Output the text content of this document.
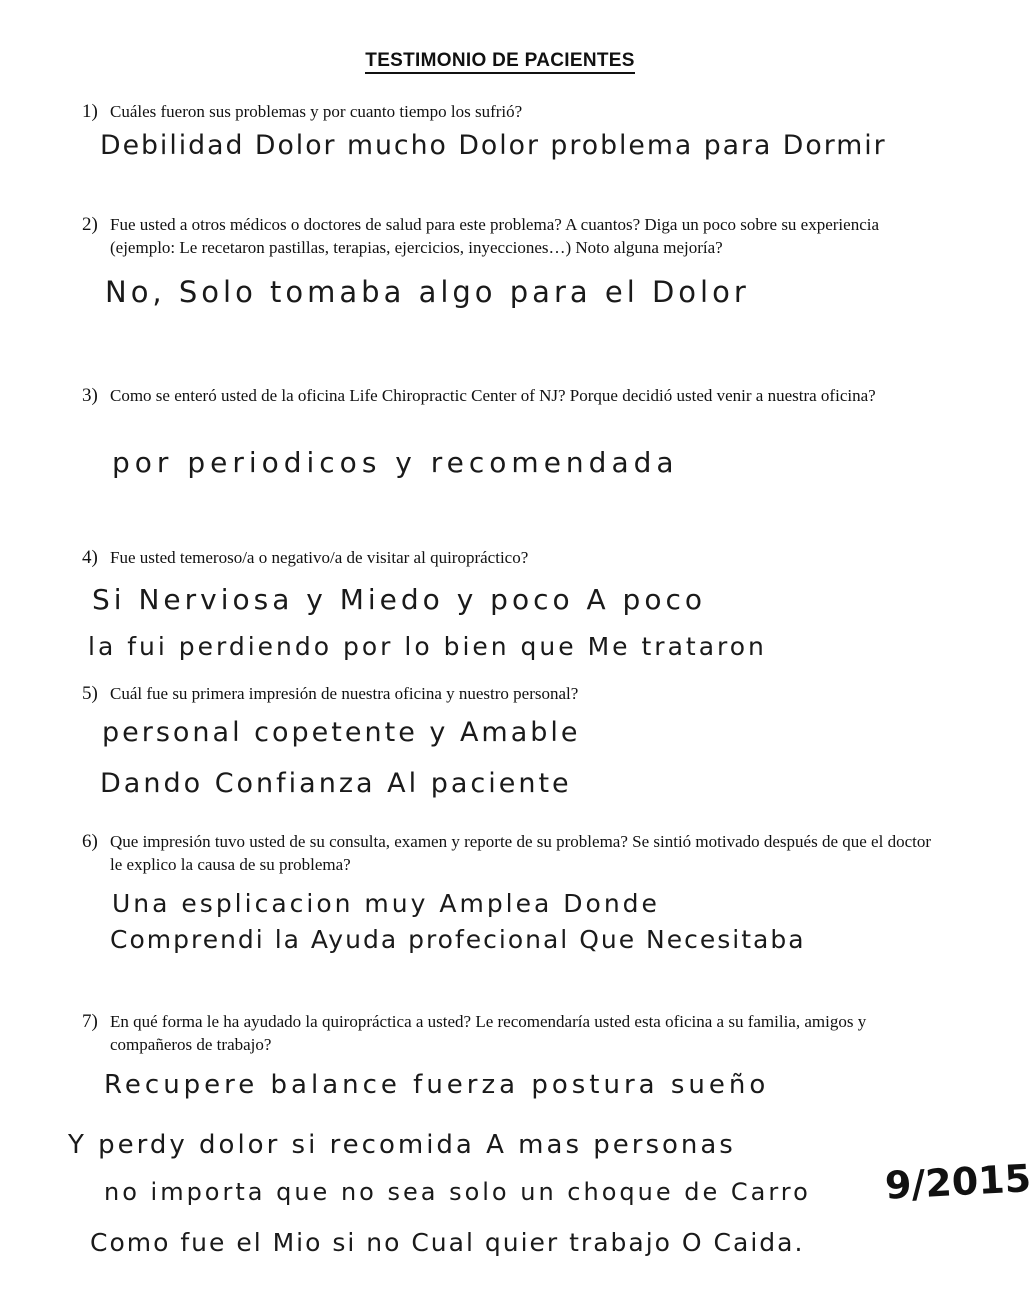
TESTIMONIO DE PACIENTES
1) Cuáles fueron sus problemas y por cuanto tiempo los sufrió?
Debilidad Dolor mucho Dolor problema para Dormir
2) Fue usted a otros médicos o doctores de salud para este problema? A cuantos? Diga un poco sobre su experiencia (ejemplo: Le recetaron pastillas, terapias, ejercicios, inyecciones…) Noto alguna mejoría?
No, Solo tomaba algo para el Dolor
3) Como se enteró usted de la oficina Life Chiropractic Center of NJ? Porque decidió usted venir a nuestra oficina?
por periodicos y recomendada
4) Fue usted temeroso/a o negativo/a de visitar al quiropráctico?
Si Nerviosa y Miedo y poco A poco
la fui perdiendo por lo bien que Me trataron
5) Cuál fue su primera impresión de nuestra oficina y nuestro personal?
personal copetente y Amable
Dando Confianza Al paciente
6) Que impresión tuvo usted de su consulta, examen y reporte de su problema? Se sintió motivado después de que el doctor le explico la causa de su problema?
Una esplicacion muy Amplea Donde
Comprendi la Ayuda profecional Que Necesitaba
7) En qué forma le ha ayudado la quiropráctica a usted? Le recomendaría usted esta oficina a su familia, amigos y compañeros de trabajo?
Recupere balance fuerza postura sueño
Y perdy dolor si recomida A mas personas
no importa que no sea solo un choque de Carro
Como fue el Mio si no Cual quier trabajo O Caida.
9/2015
